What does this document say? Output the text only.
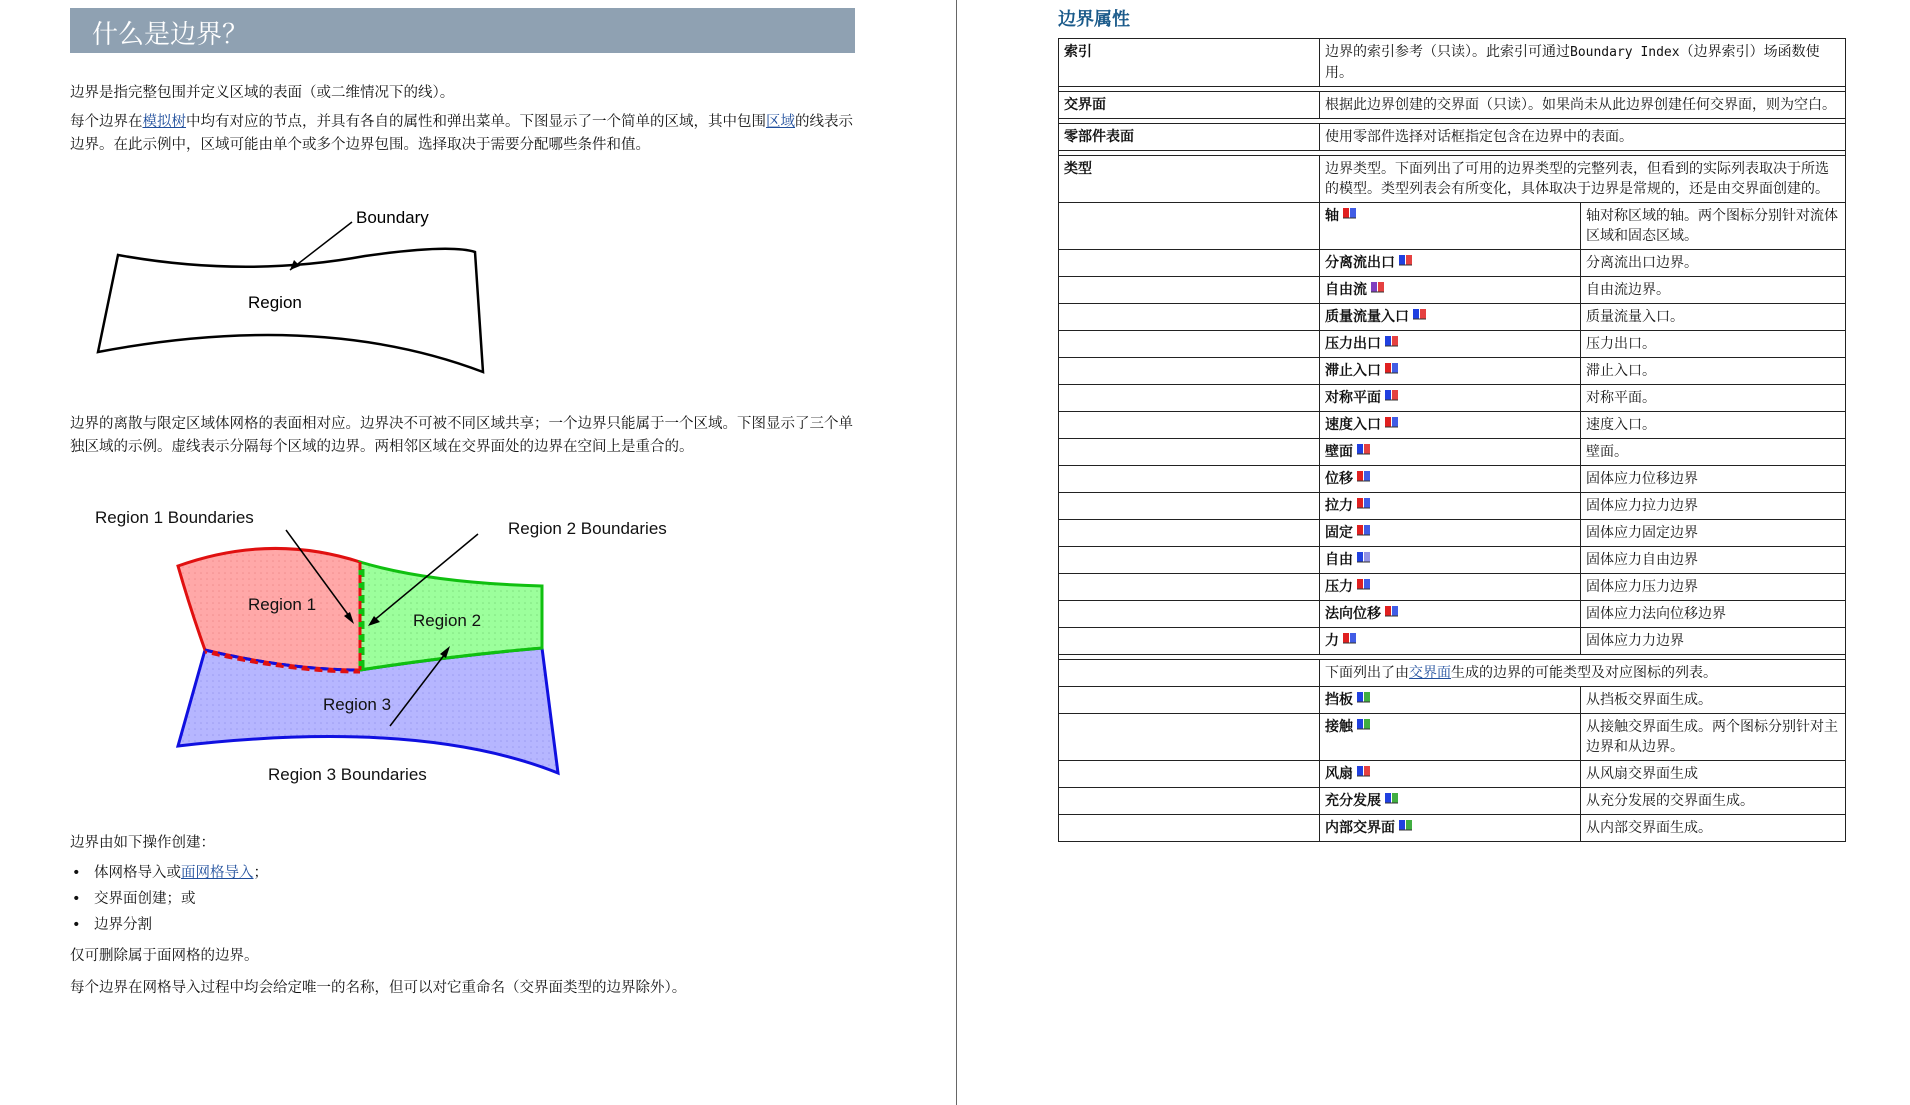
什么是边界？
边界是指完整包围并定义区域的表面（或二维情况下的线）。
每个边界在模拟树中均有对应的节点，并具有各自的属性和弹出菜单。下图显示了一个简单的区域，其中包围区域的线表示边界。在此示例中，区域可能由单个或多个边界包围。选择取决于需要分配哪些条件和值。
Boundary
Region
边界的离散与限定区域体网格的表面相对应。边界决不可被不同区域共享；一个边界只能属于一个区域。下图显示了三个单独区域的示例。虚线表示分隔每个区域的边界。两相邻区域在交界面处的边界在空间上是重合的。
Region 1 Boundaries
Region 2 Boundaries
Region 3 Boundaries
Region 1
Region 2
Region 3
边界由如下操作创建：
• 体网格导入或面网格导入；
• 交界面创建；或
• 边界分割
仅可删除属于面网格的边界。
每个边界在网格导入过程中均会给定唯一的名称，但可以对它重命名（交界面类型的边界除外）。
边界属性
索引	边界的索引参考（只读）。此索引可通过Boundary Index（边界索引）场函数使用。	

交界面	根据此边界创建的交界面（只读）。如果尚未从此边界创建任何交界面，则为空白。	

零部件表面	使用零部件选择对话框指定包含在边界中的表面。	

类型	边界类型。下面列出了可用的边界类型的完整列表，但看到的实际列表取决于所选的模型。类型列表会有所变化，具体取决于边界是常规的，还是由交界面创建的。	
	轴	轴对称区域的轴。两个图标分别针对流体区域和固态区域。
	分离流出口	分离流出口边界。
	自由流	自由流边界。
	质量流量入口	质量流量入口。
	压力出口	压力出口。
	滞止入口	滞止入口。
	对称平面	对称平面。
	速度入口	速度入口。
	壁面	壁面。
	位移	固体应力位移边界
	拉力	固体应力拉力边界
	固定	固体应力固定边界
	自由	固体应力自由边界
	压力	固体应力压力边界
	法向位移	固体应力法向位移边界
	力	固体应力力边界

	下面列出了由交界面生成的边界的可能类型及对应图标的列表。	
	挡板	从挡板交界面生成。
	接触	从接触交界面生成。两个图标分别针对主边界和从边界。
	风扇	从风扇交界面生成
	充分发展	从充分发展的交界面生成。
	内部交界面	从内部交界面生成。
